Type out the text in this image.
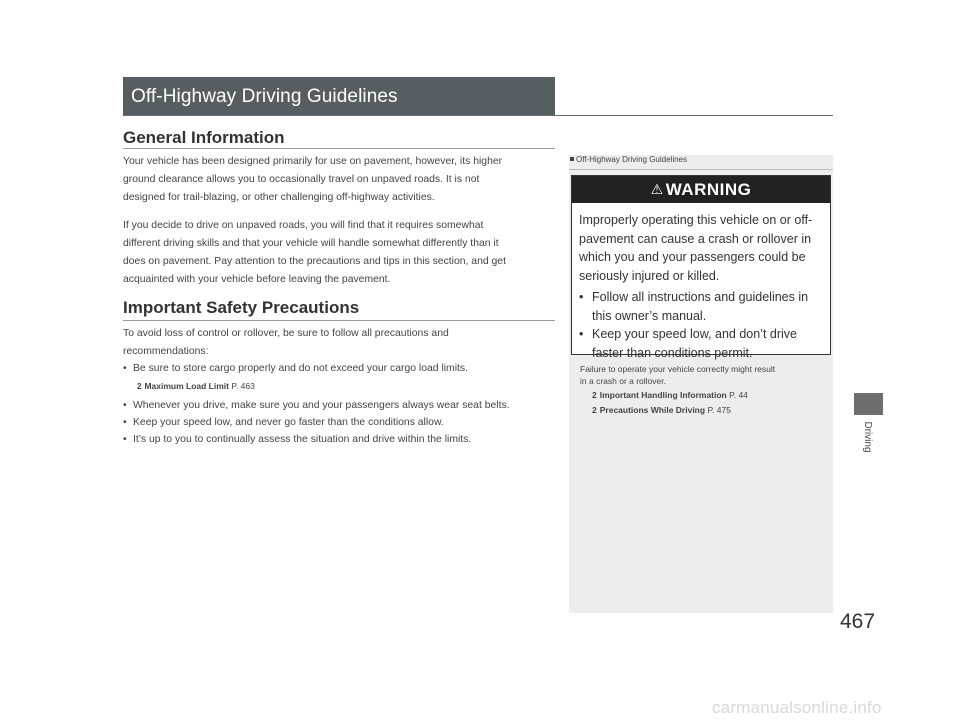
Off-Highway Driving Guidelines
General Information
Your vehicle has been designed primarily for use on pavement, however, its higher
ground clearance allows you to occasionally travel on unpaved roads. It is not
designed for trail-blazing, or other challenging off-highway activities.
If you decide to drive on unpaved roads, you will find that it requires somewhat
different driving skills and that your vehicle will handle somewhat differently than it
does on pavement. Pay attention to the precautions and tips in this section, and get
acquainted with your vehicle before leaving the pavement.
Important Safety Precautions
To avoid loss of control or rollover, be sure to follow all precautions and
recommendations:
• Be sure to store cargo properly and do not exceed your cargo load limits.
2 Maximum Load Limit P. 463
• Whenever you drive, make sure you and your passengers always wear seat belts.
• Keep your speed low, and never go faster than the conditions allow.
• It’s up to you to continually assess the situation and drive within the limits.
Off-Highway Driving Guidelines
⚠ WARNING
Improperly operating this vehicle on or off-
pavement can cause a crash or rollover in
which you and your passengers could be
seriously injured or killed.
• Follow all instructions and guidelines in
this owner’s manual.
• Keep your speed low, and don’t drive
faster than conditions permit.
Failure to operate your vehicle correctly might result
in a crash or a rollover.
2 Important Handling Information P. 44
2 Precautions While Driving P. 475
Driving
467
carmanualsonline.info
